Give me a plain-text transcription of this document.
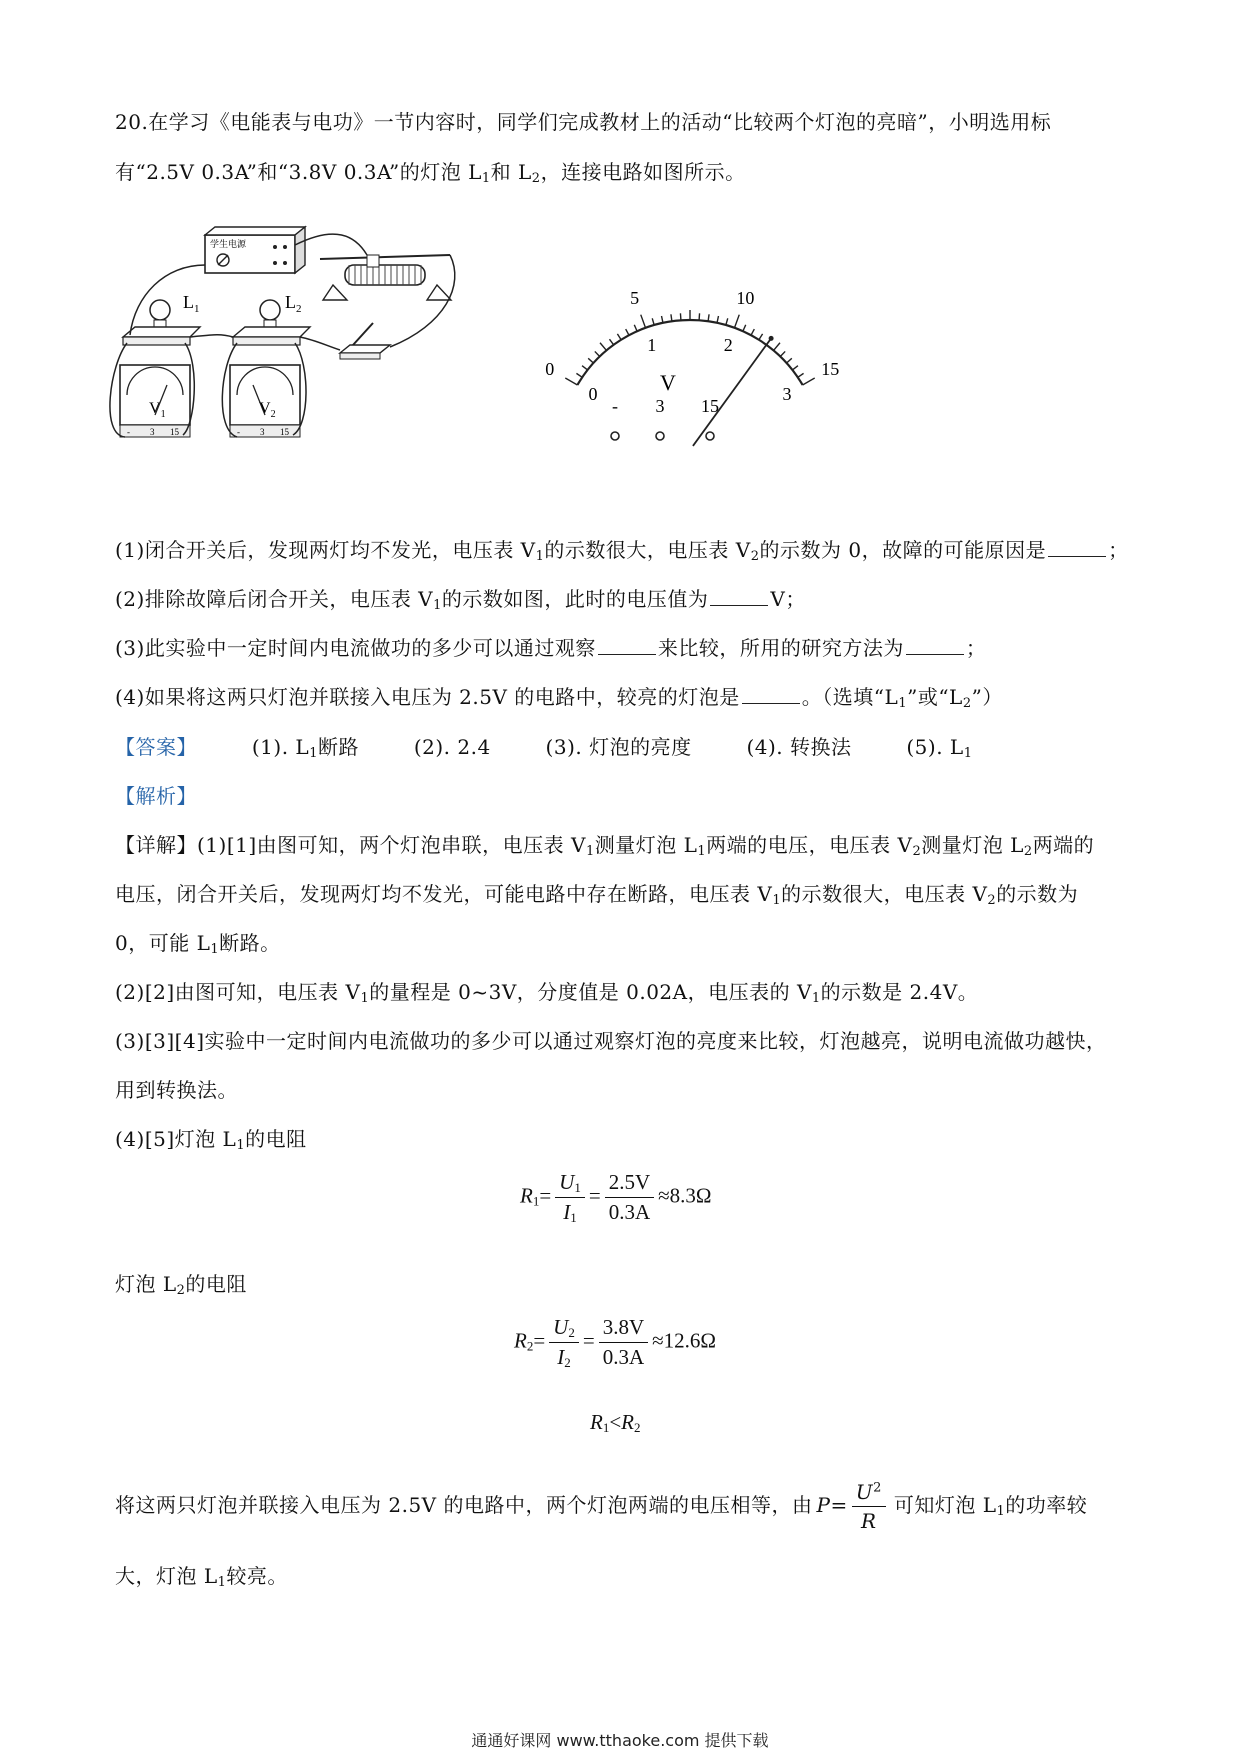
20.在学习《电能表与电功》一节内容时，同学们完成教材上的活动“比较两个灯泡的亮暗”，小明选用标
有“2.5V 0.3A”和“3.8V 0.3A”的灯泡 $L_1$和 $L_2$，连接电路如图所示。
学生电源
$L_1$	$L_2$
$V_1$
- 3 15
$V_2$
- 3 15
0
5	10
15
0
1	2
3
V
- 3 15
(1)闭合开关后，发现两灯均不发光，电压表 $V_1$的示数很大，电压表 $V_2$的示数为 0，故障的可能原因是	；
(2)排除故障后闭合开关，电压表 $V_1$的示数如图，此时的电压值为	V；
(3)此实验中一定时间内电流做功的多少可以通过观察	来比较，所用的研究方法为	；
(4)如果将这两只灯泡并联接入电压为 2.5V 的电路中，较亮的灯泡是	。（选填“$L_1$”或“$L_2$”）
【答案】	(1). $L_1$断路	(2). 2.4	(3). 灯泡的亮度	(4). 转换法	(5). $L_1$
【解析】
【详解】(1)[1]由图可知，两个灯泡串联，电压表 $V_1$测量灯泡 $L_1$两端的电压，电压表 $V_2$测量灯泡 $L_2$两端的
电压，闭合开关后，发现两灯均不发光，可能电路中存在断路，电压表 $V_1$的示数很大，电压表 $V_2$的示数为
0，可能 $L_1$断路。
(2)[2]由图可知，电压表 $V_1$的量程是 0~3V，分度值是 0.02A，电压表的 $V_1$的示数是 2.4V。
(3)[3][4]实验中一定时间内电流做功的多少可以通过观察灯泡的亮度来比较，灯泡越亮，说明电流做功越快，
用到转换法。
(4)[5]灯泡 $L_1$的电阻
$R_1= \frac{U_1}{I_1} = \frac{2.5V}{0.3A} \approx 8.3\Omega$
灯泡 $L_2$的电阻
$R_2= \frac{U_2}{I_2} = \frac{3.8V}{0.3A} \approx 12.6\Omega$
$R_1<R_2$
将这两只灯泡并联接入电压为 2.5V 的电路中，两个灯泡两端的电压相等，由 $P= \frac{U^2}{R}$ 可知灯泡 $L_1$的功率较
大，灯泡 $L_1$较亮。
通通好课网 www.tthaoke.com 提供下载
